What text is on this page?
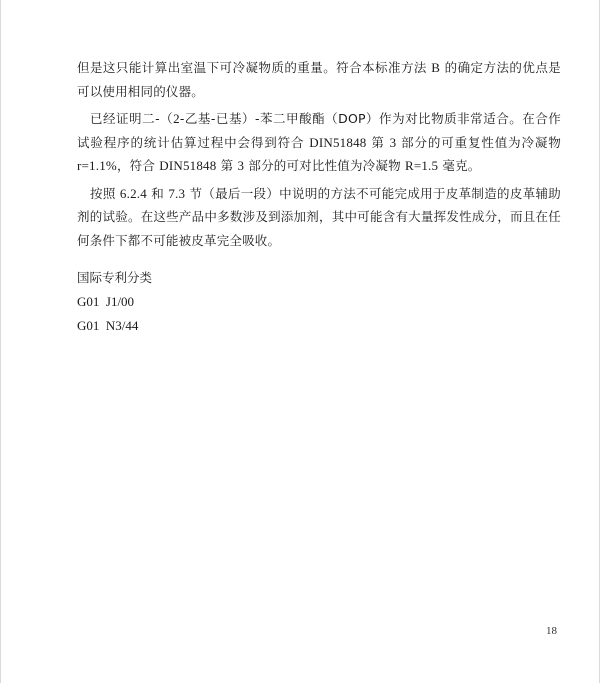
但是这只能计算出室温下可冷凝物质的重量。符合本标准方法 B 的确定方法的优点是可以使用相同的仪器。

已经证明二-（2-乙基-已基）-苯二甲酸酯（DOP）作为对比物质非常适合。在合作试验程序的统计估算过程中会得到符合 DIN51848 第 3 部分的可重复性值为冷凝物 r=1.1%，符合 DIN51848 第 3 部分的可对比性值为冷凝物 R=1.5 毫克。

按照 6.2.4 和 7.3 节（最后一段）中说明的方法不可能完成用于皮革制造的皮革辅助剂的试验。在这些产品中多数涉及到添加剂，其中可能含有大量挥发性成分，而且在任何条件下都不可能被皮革完全吸收。

国际专利分类
G01  J1/00
G01  N3/44
18
